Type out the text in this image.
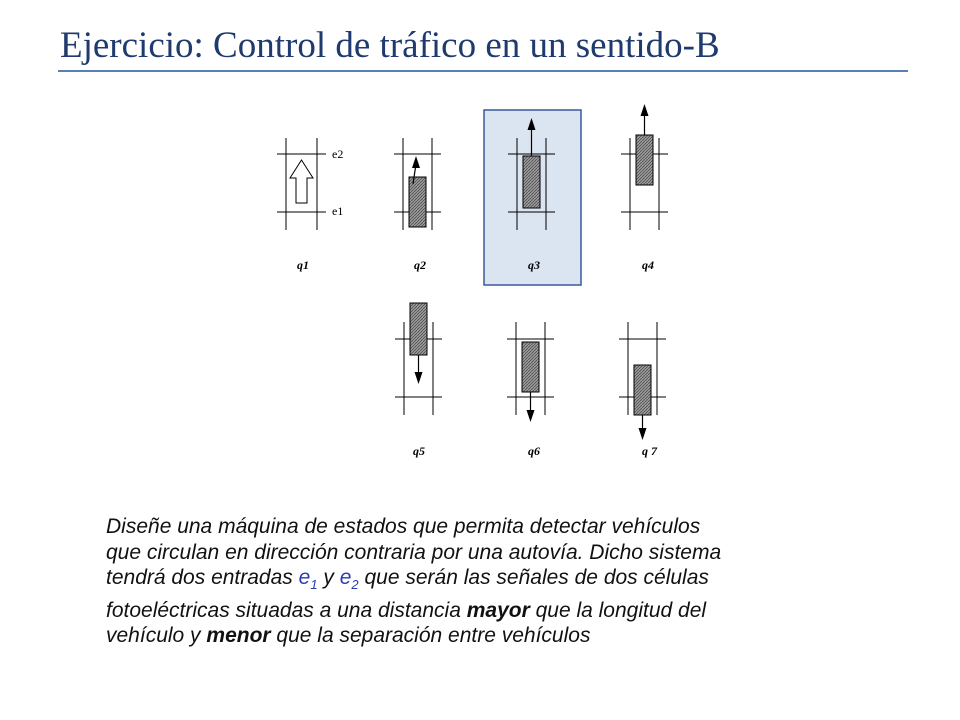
Ejercicio: Control de tráfico en un sentido-B
e2
e1
q1	q2	q3	q4
q5	q6	q 7
Diseñe una máquina de estados que permita detectar vehículos
que circulan en dirección contraria por una autovía. Dicho sistema
tendrá dos entradas $e_1$ y $e_2$ que serán las señales de dos células
fotoeléctricas situadas a una distancia mayor que la longitud del
vehículo y menor que la separación entre vehículos
